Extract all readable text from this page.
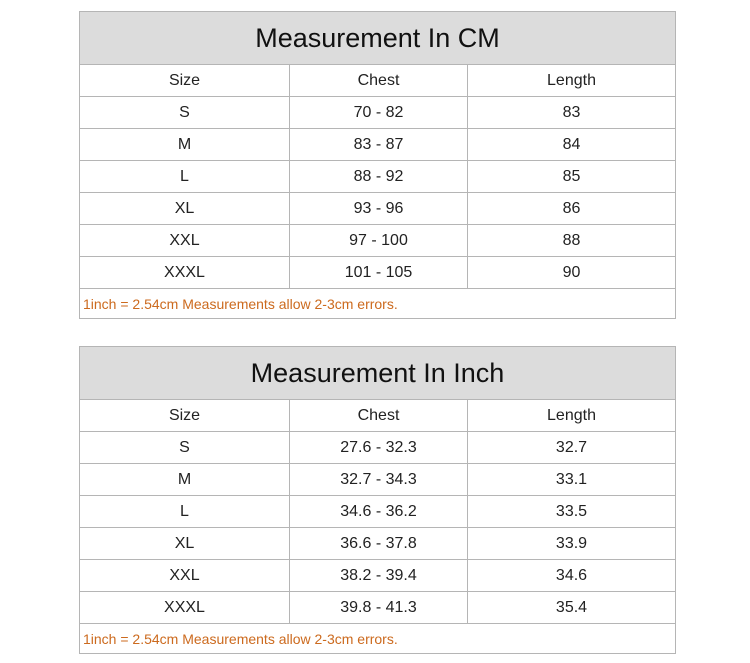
Measurement In CM
Size	Chest	Length
S	70 - 82	83
M	83 - 87	84
L	88 - 92	85
XL	93 - 96	86
XXL	97 - 100	88
XXXL	101 - 105	90
1inch = 2.54cm Measurements allow 2-3cm errors.
Measurement In Inch
Size	Chest	Length
S	27.6 - 32.3	32.7
M	32.7 - 34.3	33.1
L	34.6 - 36.2	33.5
XL	36.6 - 37.8	33.9
XXL	38.2 - 39.4	34.6
XXXL	39.8 - 41.3	35.4
1inch = 2.54cm Measurements allow 2-3cm errors.
